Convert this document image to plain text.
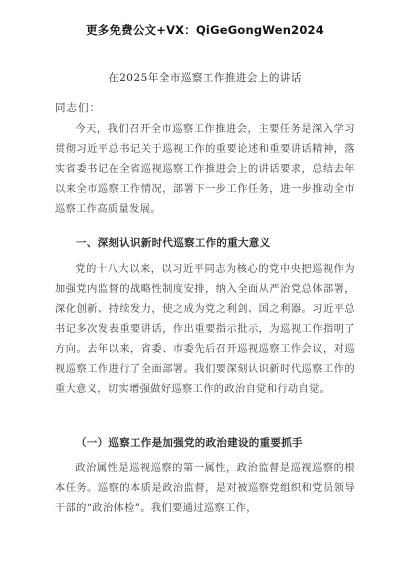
更多免费公文+VX：QiGeGongWen2024
在2025年全市巡察工作推进会上的讲话
同志们：

今天，我们召开全市巡察工作推进会，主要任务是深入学习贯彻习近平总书记关于巡视工作的重要论述和重要讲话精神，落实省委书记在全省巡视巡察工作推进会上的讲话要求，总结去年以来全市巡察工作情况，部署下一步工作任务，进一步推动全市巡察工作高质量发展。

一、深刻认识新时代巡察工作的重大意义

党的十八大以来，以习近平同志为核心的党中央把巡视作为加强党内监督的战略性制度安排，纳入全面从严治党总体部署，深化创新、持续发力，使之成为党之利剑、国之利器。习近平总书记多次发表重要讲话，作出重要指示批示，为巡视工作指明了方向。去年以来，省委、市委先后召开巡视巡察工作会议，对巡视巡察工作进行了全面部署。我们要深刻认识新时代巡察工作的重大意义，切实增强做好巡察工作的政治自觉和行动自觉。

（一）巡察工作是加强党的政治建设的重要抓手

政治属性是巡视巡察的第一属性，政治监督是巡视巡察的根本任务。巡察的本质是政治监督，是对被巡察党组织和党员领导干部的“政治体检”。我们要通过巡察工作，
